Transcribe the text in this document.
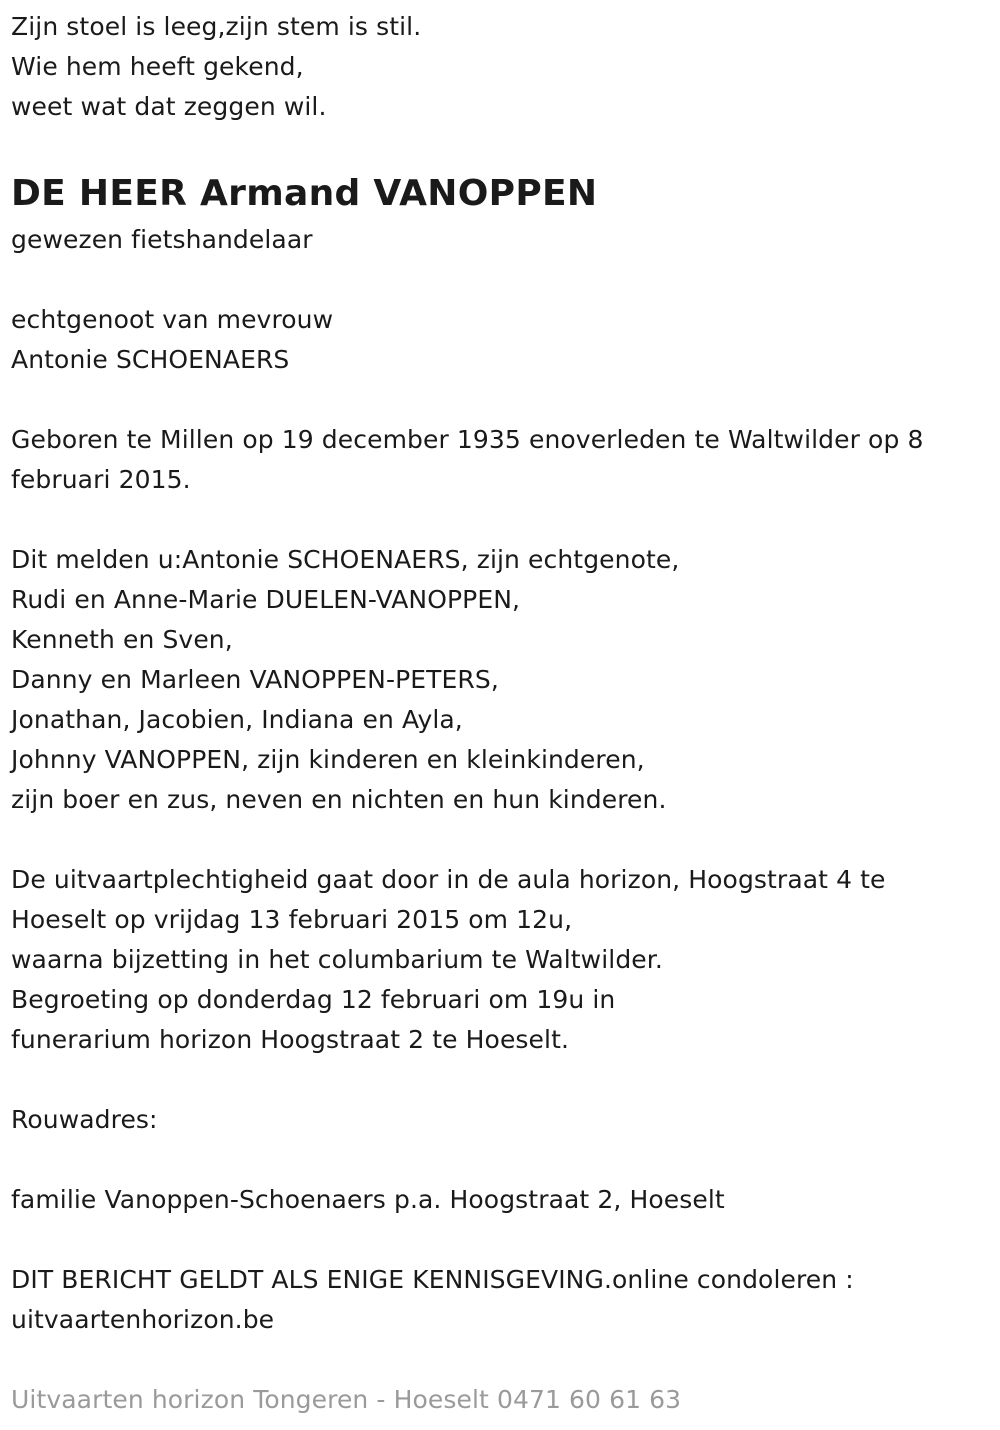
Zijn stoel is leeg,zijn stem is stil.
Wie hem heeft gekend,
weet wat dat zeggen wil.
DE HEER Armand VANOPPEN
gewezen fietshandelaar
echtgenoot van mevrouw
Antonie SCHOENAERS
Geboren te Millen op 19 december 1935 enoverleden te Waltwilder op 8
februari 2015.
Dit melden u:Antonie SCHOENAERS, zijn echtgenote,
Rudi en Anne-Marie DUELEN-VANOPPEN,
Kenneth en Sven,
Danny en Marleen VANOPPEN-PETERS,
Jonathan, Jacobien, Indiana en Ayla,
Johnny VANOPPEN, zijn kinderen en kleinkinderen,
zijn boer en zus, neven en nichten en hun kinderen.
De uitvaartplechtigheid gaat door in de aula horizon, Hoogstraat 4 te
Hoeselt op vrijdag 13 februari 2015 om 12u,
waarna bijzetting in het columbarium te Waltwilder.
Begroeting op donderdag 12 februari om 19u in
funerarium horizon Hoogstraat 2 te Hoeselt.
Rouwadres:
familie Vanoppen-Schoenaers p.a. Hoogstraat 2, Hoeselt
DIT BERICHT GELDT ALS ENIGE KENNISGEVING.online condoleren :
uitvaartenhorizon.be
Uitvaarten horizon Tongeren - Hoeselt 0471 60 61 63
